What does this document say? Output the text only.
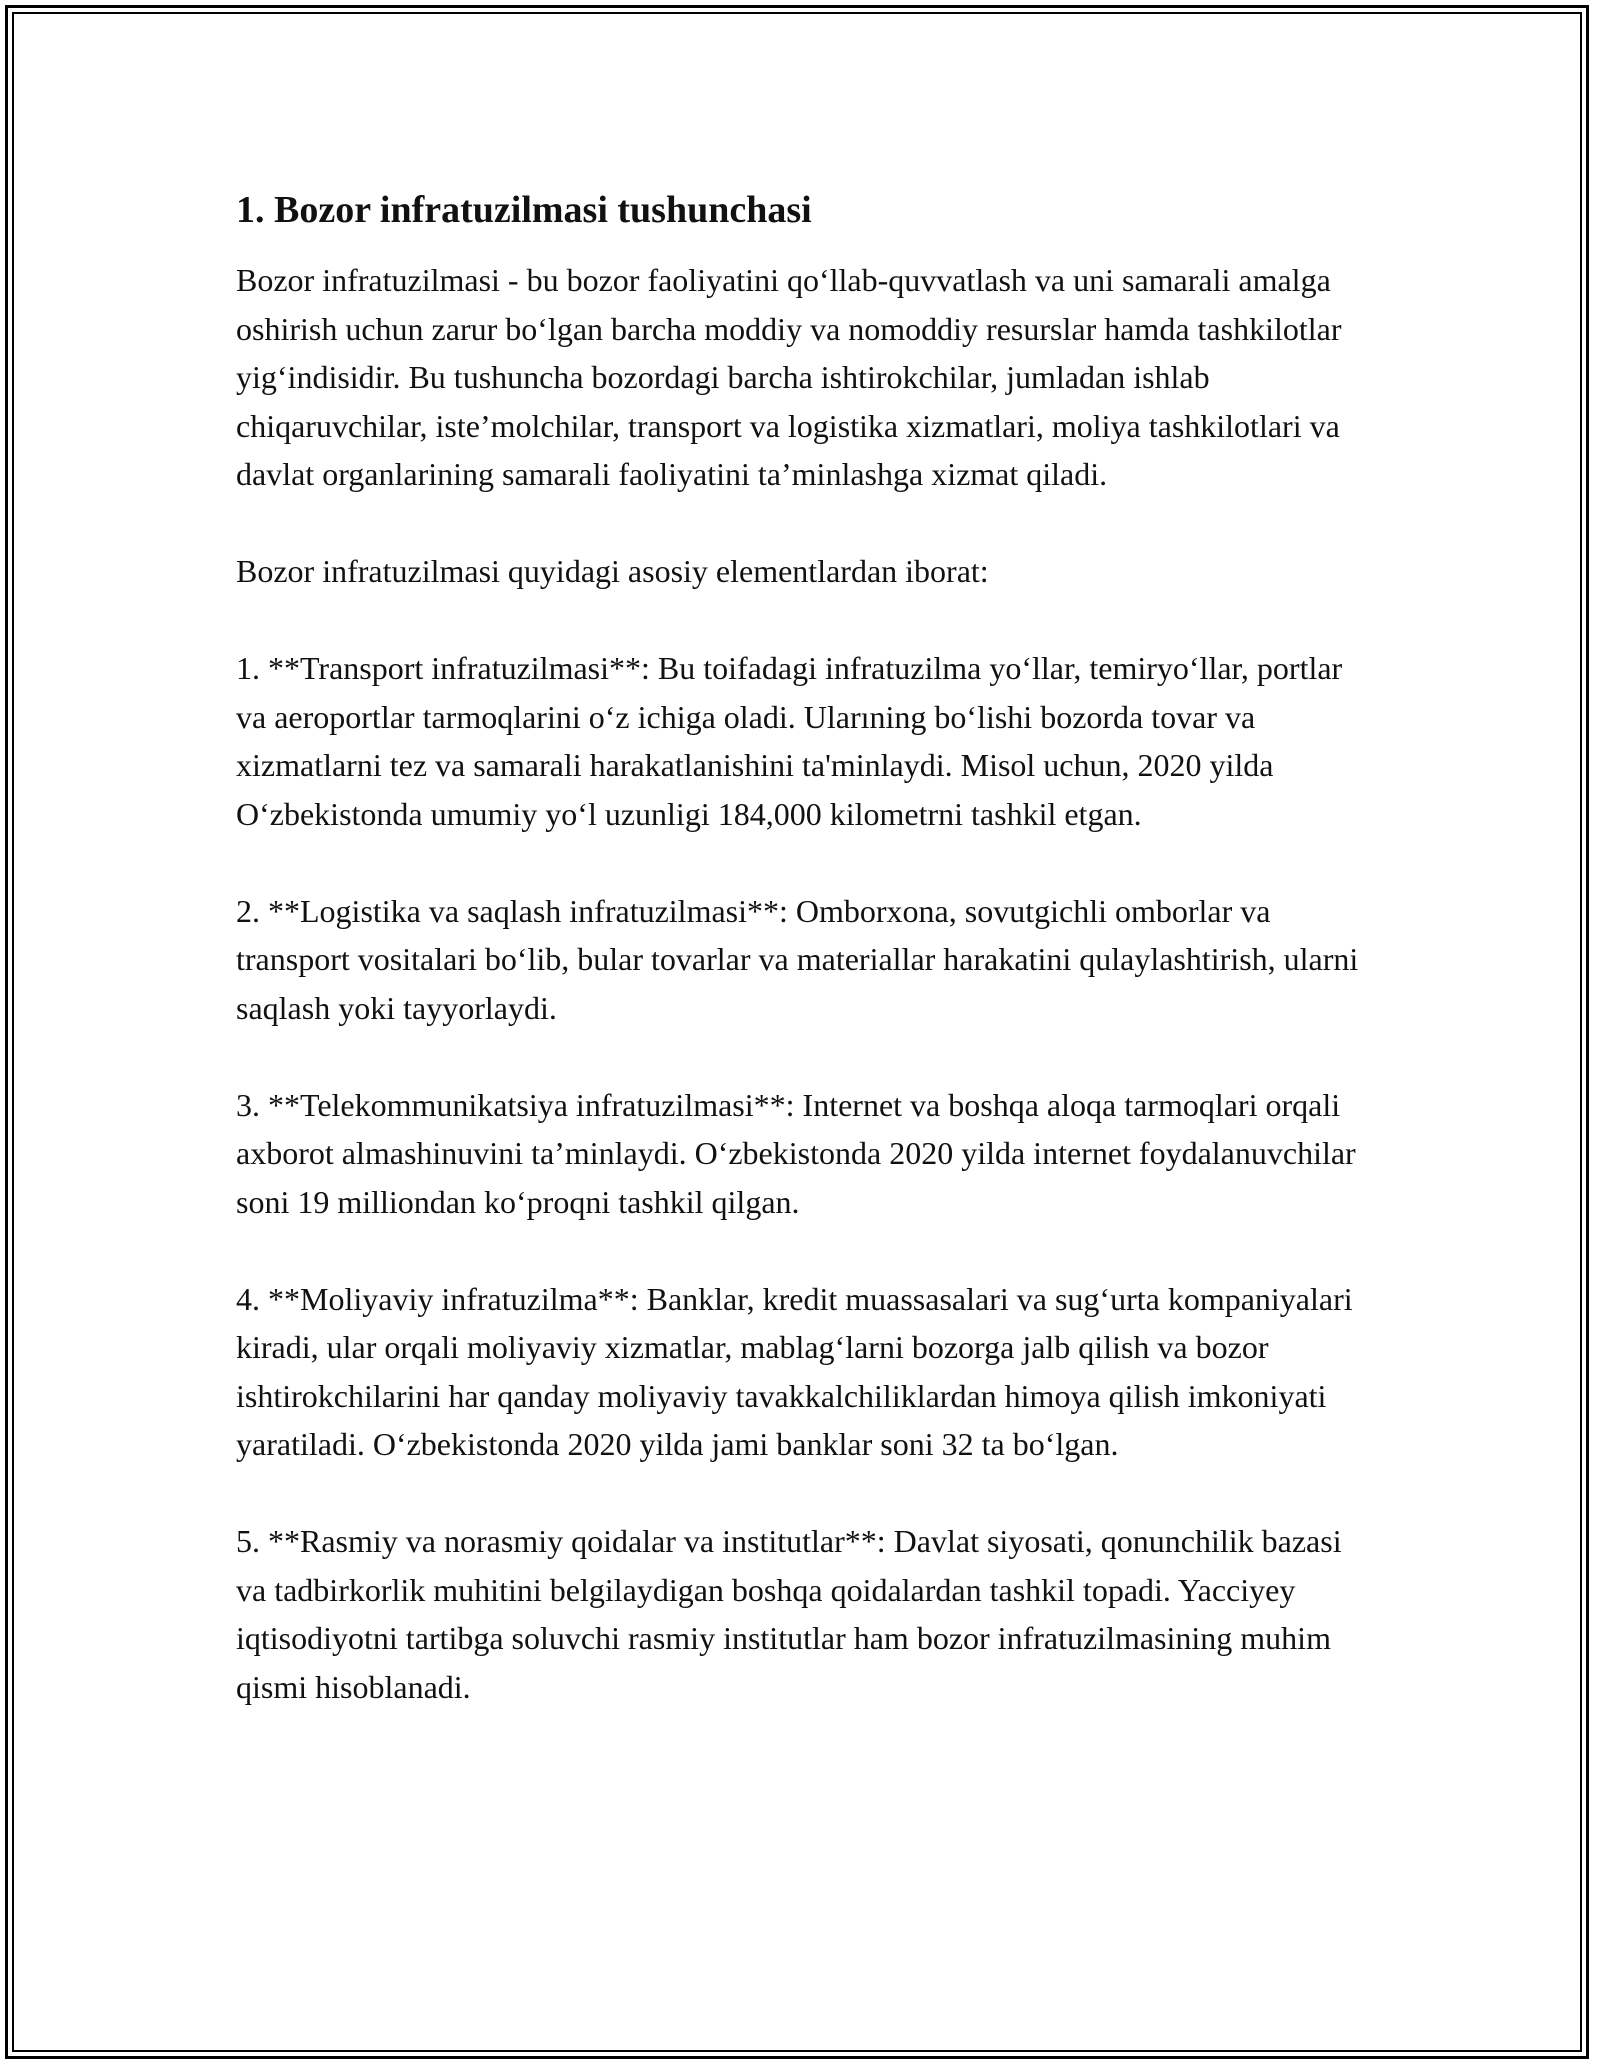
1. Bozor infratuzilmasi tushunchasi

Bozor infratuzilmasi - bu bozor faoliyatini qo‘llab-quvvatlash va uni samarali amalga oshirish uchun zarur bo‘lgan barcha moddiy va nomoddiy resurslar hamda tashkilotlar yig‘indisidir. Bu tushuncha bozordagi barcha ishtirokchilar, jumladan ishlab chiqaruvchilar, iste’molchilar, transport va logistika xizmatlari, moliya tashkilotlari va davlat organlarining samarali faoliyatini ta’minlashga xizmat qiladi.

Bozor infratuzilmasi quyidagi asosiy elementlardan iborat:

1. **Transport infratuzilmasi**: Bu toifadagi infratuzilma yo‘llar, temiryo‘llar, portlar va aeroportlar tarmoqlarini o‘z ichiga oladi. Ularıning bo‘lishi bozorda tovar va xizmatlarni tez va samarali harakatlanishini ta'minlaydi. Misol uchun, 2020 yilda O‘zbekistonda umumiy yo‘l uzunligi 184,000 kilometrni tashkil etgan.

2. **Logistika va saqlash infratuzilmasi**: Omborxona, sovutgichli omborlar va transport vositalari bo‘lib, bular tovarlar va materiallar harakatini qulaylashtirish, ularni saqlash yoki tayyorlaydi.

3. **Telekommunikatsiya infratuzilmasi**: Internet va boshqa aloqa tarmoqlari orqali axborot almashinuvini ta’minlaydi. O‘zbekistonda 2020 yilda internet foydalanuvchilar soni 19 milliondan ko‘proqni tashkil qilgan.

4. **Moliyaviy infratuzilma**: Banklar, kredit muassasalari va sug‘urta kompaniyalari kiradi, ular orqali moliyaviy xizmatlar, mablag‘larni bozorga jalb qilish va bozor ishtirokchilarini har qanday moliyaviy tavakkalchiliklardan himoya qilish imkoniyati yaratiladi. O‘zbekistonda 2020 yilda jami banklar soni 32 ta bo‘lgan.

5. **Rasmiy va norasmiy qoidalar va institutlar**: Davlat siyosati, qonunchilik bazasi va tadbirkorlik muhitini belgilaydigan boshqa qoidalardan tashkil topadi. Yacciyey iqtisodiyotni tartibga soluvchi rasmiy institutlar ham bozor infratuzilmasining muhim qismi hisoblanadi.
